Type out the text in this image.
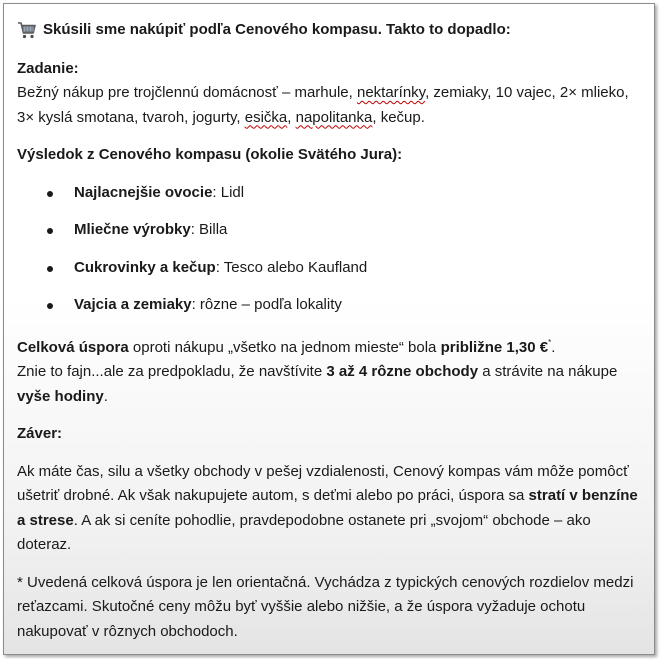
Skúsili sme nakúpiť podľa Cenového kompasu. Takto to dopadlo:

Zadanie:

Bežný nákup pre trojčlennú domácnosť – marhule, nektarínky, zemiaky, 10 vajec, 2× mlieko, 3× kyslá smotana, tvaroh, jogurty, esička, napolitanka, kečup.

Výsledok z Cenového kompasu (okolie Svätého Jura):

Najlacnejšie ovocie: Lidl
Mliečne výrobky: Billa
Cukrovinky a kečup: Tesco alebo Kaufland
Vajcia a zemiaky: rôzne – podľa lokality

Celková úspora oproti nákupu „všetko na jednom mieste“ bola približne 1,30 €*.
Znie to fajn...ale za predpokladu, že navštívite 3 až 4 rôzne obchody a strávite na nákupe vyše hodiny.

Záver:

Ak máte čas, silu a všetky obchody v pešej vzdialenosti, Cenový kompas vám môže pomôcť ušetriť drobné. Ak však nakupujete autom, s deťmi alebo po práci, úspora sa stratí v benzíne a strese. A ak si ceníte pohodlie, pravdepodobne ostanete pri „svojom“ obchode – ako doteraz.

* Uvedená celková úspora je len orientačná. Vychádza z typických cenových rozdielov medzi reťazcami. Skutočné ceny môžu byť vyššie alebo nižšie, a že úspora vyžaduje ochotu nakupovať v rôznych obchodoch.
